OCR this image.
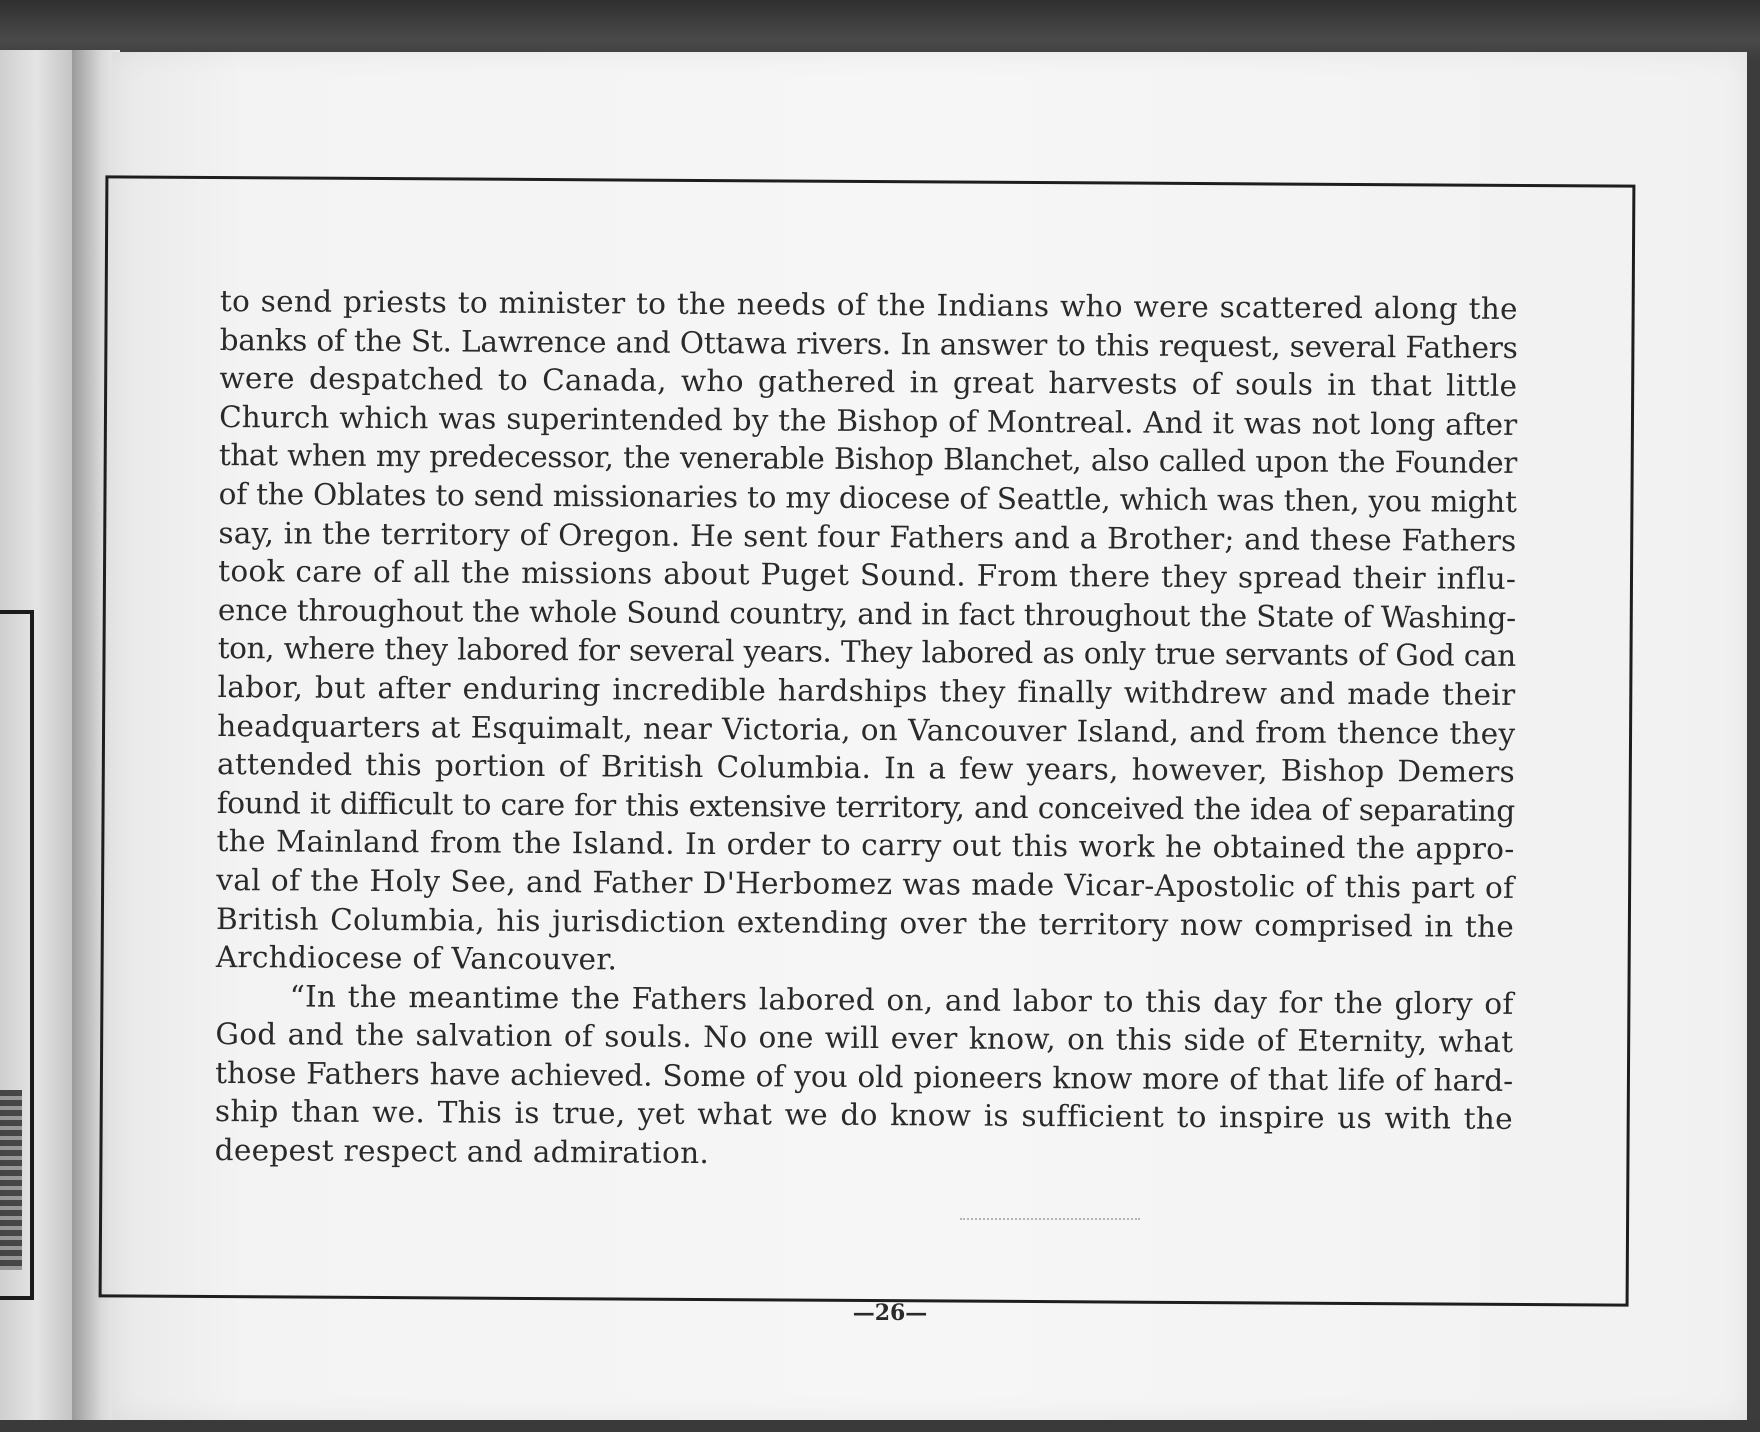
to send priests to minister to the needs of the Indians who were scattered along the
banks of the St. Lawrence and Ottawa rivers. In answer to this request, several Fathers
were despatched to Canada, who gathered in great harvests of souls in that little
Church which was superintended by the Bishop of Montreal. And it was not long after
that when my predecessor, the venerable Bishop Blanchet, also called upon the Founder
of the Oblates to send missionaries to my diocese of Seattle, which was then, you might
say, in the territory of Oregon. He sent four Fathers and a Brother; and these Fathers
took care of all the missions about Puget Sound. From there they spread their influ-
ence throughout the whole Sound country, and in fact throughout the State of Washing-
ton, where they labored for several years. They labored as only true servants of God can
labor, but after enduring incredible hardships they finally withdrew and made their
headquarters at Esquimalt, near Victoria, on Vancouver Island, and from thence they
attended this portion of British Columbia. In a few years, however, Bishop Demers
found it difficult to care for this extensive territory, and conceived the idea of separating
the Mainland from the Island. In order to carry out this work he obtained the appro-
val of the Holy See, and Father D'Herbomez was made Vicar-Apostolic of this part of
British Columbia, his jurisdiction extending over the territory now comprised in the
Archdiocese of Vancouver.

“In the meantime the Fathers labored on, and labor to this day for the glory of
God and the salvation of souls. No one will ever know, on this side of Eternity, what
those Fathers have achieved. Some of you old pioneers know more of that life of hard-
ship than we. This is true, yet what we do know is sufficient to inspire us with the
deepest respect and admiration.

—26—
